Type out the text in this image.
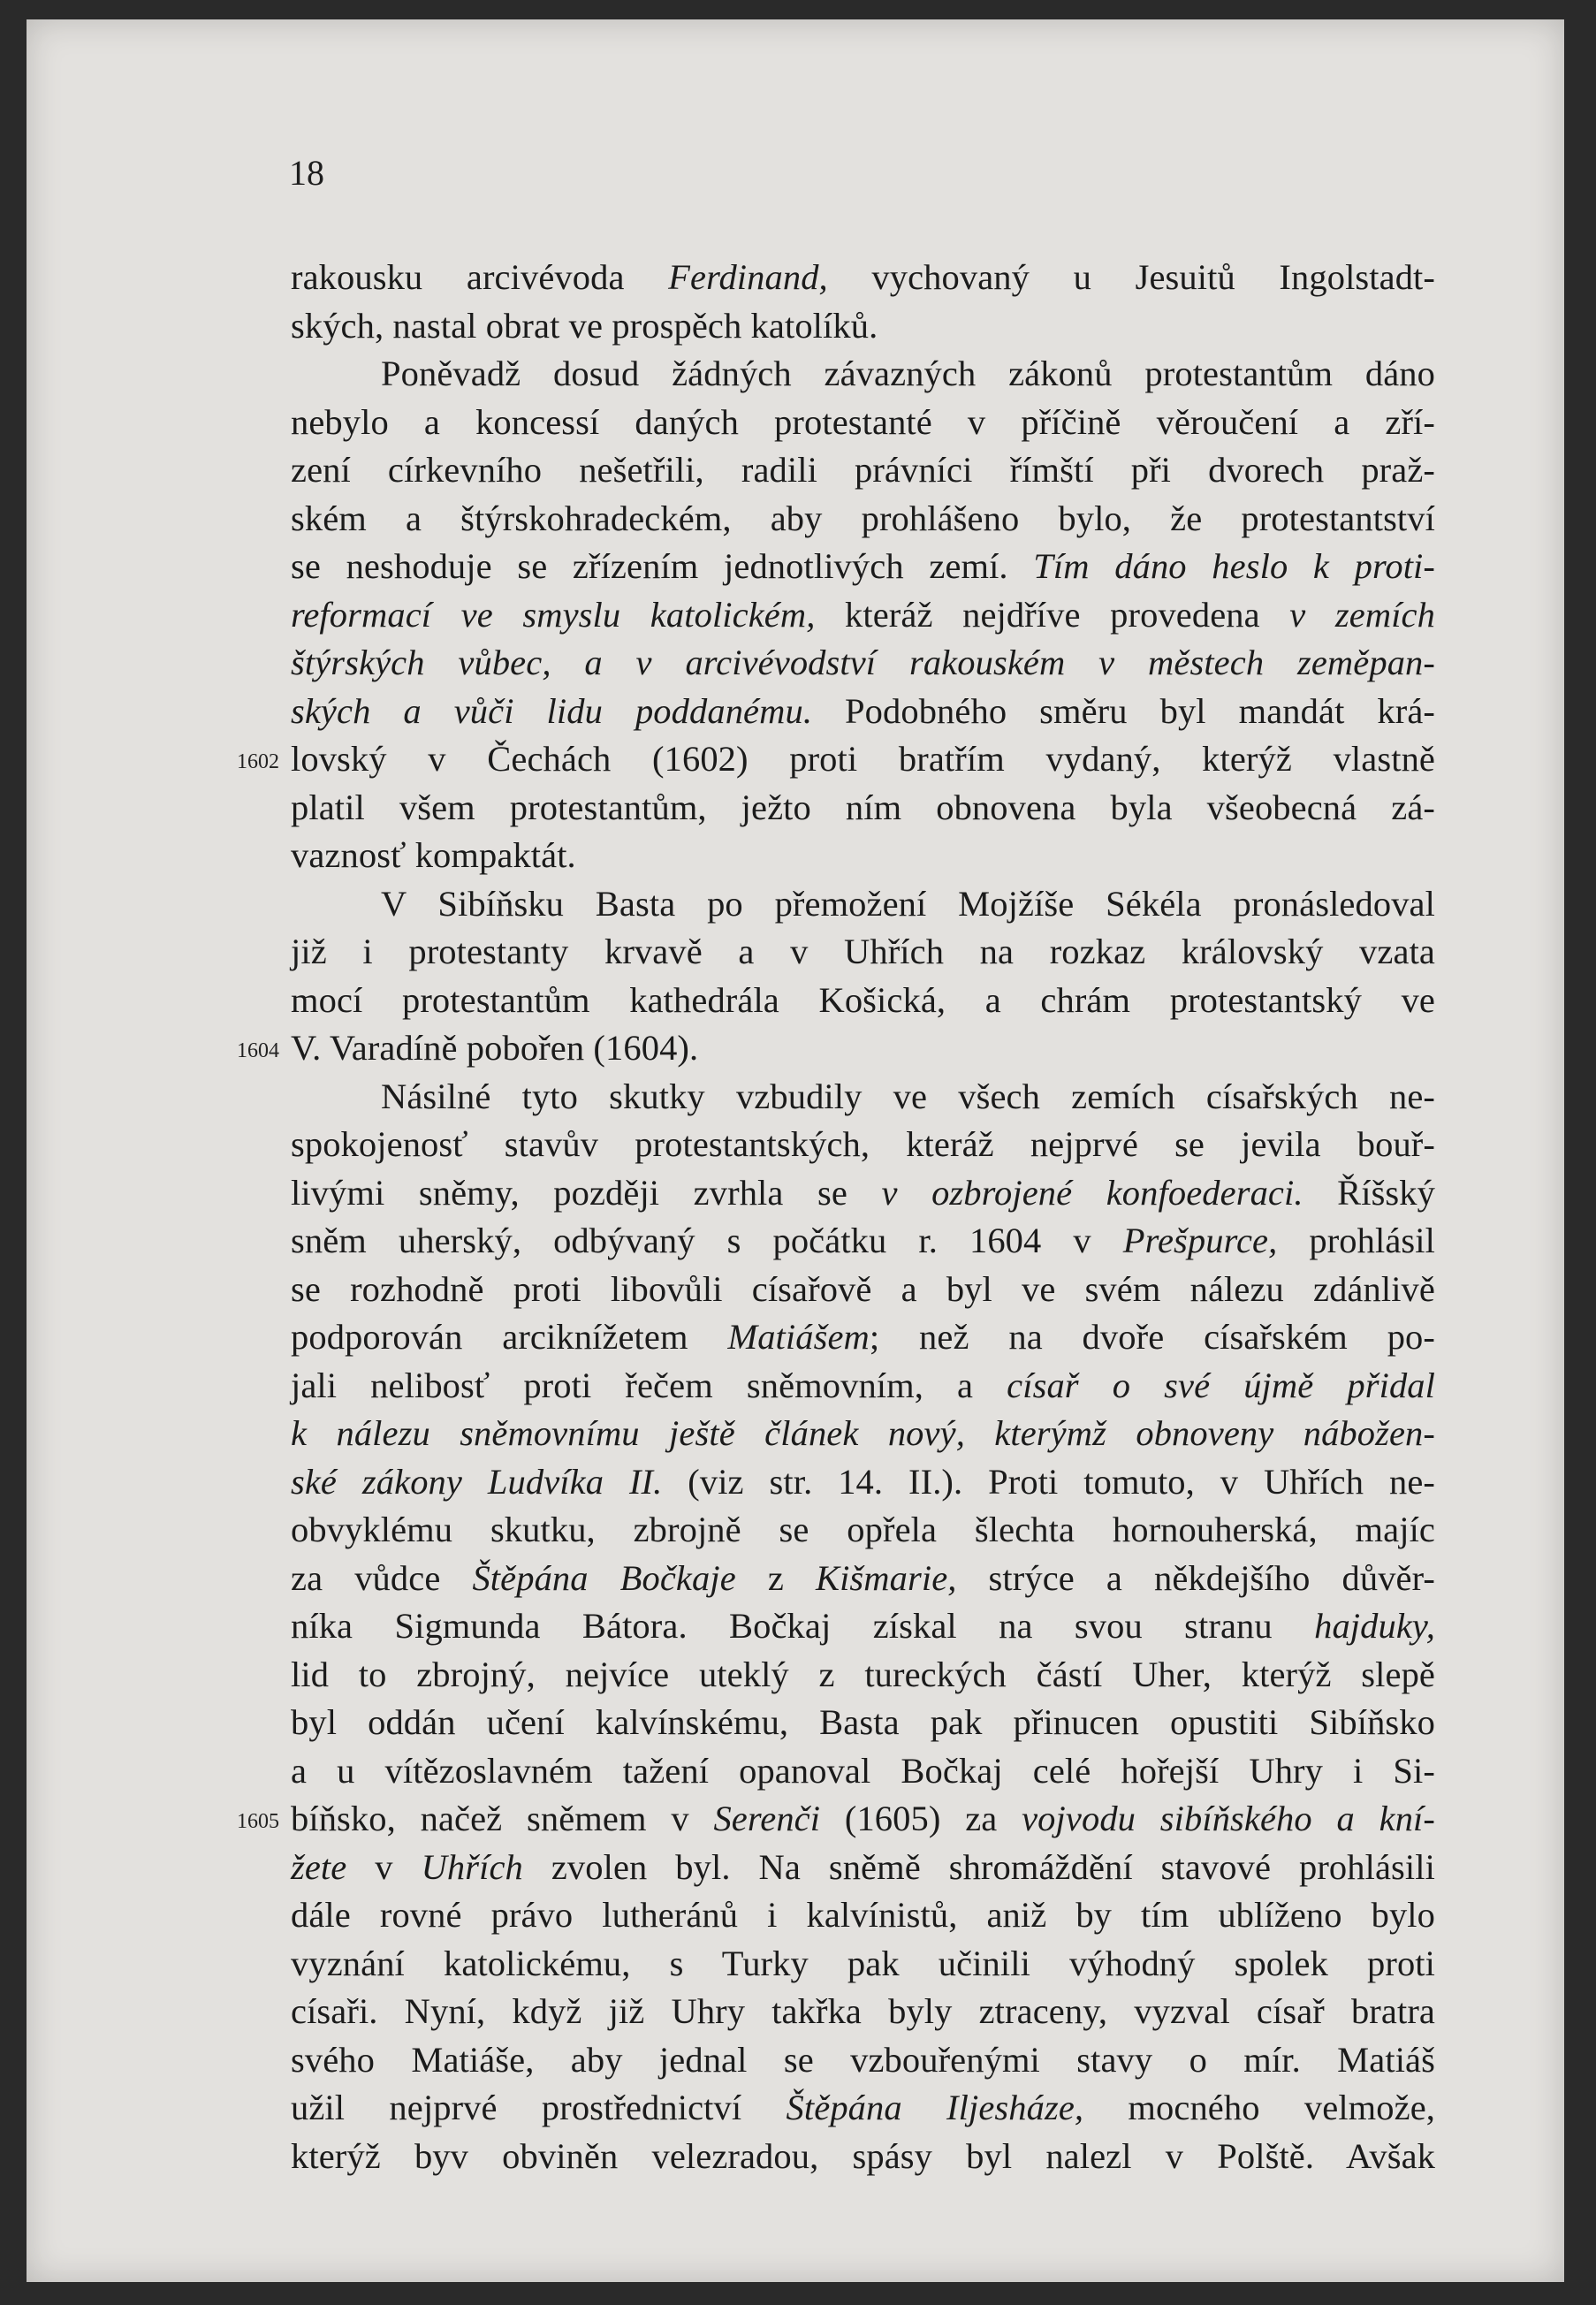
18
rakousku arcivévoda Ferdinand, vychovaný u Jesuitů Ingolstadt-
ských, nastal obrat ve prospěch katolíků.
Poněvadž dosud žádných závazných zákonů protestantům dáno
nebylo a koncessí daných protestanté v příčině věroučení a zří-
zení církevního nešetřili, radili právníci římští při dvorech praž-
ském a štýrskohradeckém, aby prohlášeno bylo, že protestantství
se neshoduje se zřízením jednotlivých zemí. Tím dáno heslo k proti-
reformací ve smyslu katolickém, kteráž nejdříve provedena v zemích
štýrských vůbec, a v arcivévodství rakouském v městech zeměpan-
ských a vůči lidu poddanému. Podobného směru byl mandát krá-
lovský v Čechách (1602) proti bratřím vydaný, kterýž vlastně
platil všem protestantům, ježto ním obnovena byla všeobecná zá-
vaznosť kompaktát.
V Sibíňsku Basta po přemožení Mojžíše Sékéla pronásledoval
již i protestanty krvavě a v Uhřích na rozkaz královský vzata
mocí protestantům kathedrála Košická, a chrám protestantský ve
V. Varadíně pobořen (1604).
Násilné tyto skutky vzbudily ve všech zemích císařských ne-
spokojenosť stavův protestantských, kteráž nejprvé se jevila bouř-
livými sněmy, později zvrhla se v ozbrojené konfoederaci. Říšský
sněm uherský, odbývaný s počátku r. 1604 v Prešpurce, prohlásil
se rozhodně proti libovůli císařově a byl ve svém nálezu zdánlivě
podporován arciknížetem Matiášem; než na dvoře císařském po-
jali nelibosť proti řečem sněmovním, a císař o své újmě přidal
k nálezu sněmovnímu ještě článek nový, kterýmž obnoveny nábožen-
ské zákony Ludvíka II. (viz str. 14. II.). Proti tomuto, v Uhřích ne-
obvyklému skutku, zbrojně se opřela šlechta hornouherská, majíc
za vůdce Štěpána Bočkaje z Kišmarie, strýce a někdejšího důvěr-
níka Sigmunda Bátora. Bočkaj získal na svou stranu hajduky,
lid to zbrojný, nejvíce uteklý z tureckých částí Uher, kterýž slepě
byl oddán učení kalvínskému, Basta pak přinucen opustiti Sibíňsko
a u vítězoslavném tažení opanoval Bočkaj celé hořejší Uhry i Si-
bíňsko, načež sněmem v Serenči (1605) za vojvodu sibíňského a kní-
žete v Uhřích zvolen byl. Na sněmě shromáždění stavové prohlásili
dále rovné právo lutheránů i kalvínistů, aniž by tím ublíženo bylo
vyznání katolickému, s Turky pak učinili výhodný spolek proti
císaři. Nyní, když již Uhry takřka byly ztraceny, vyzval císař bratra
svého Matiáše, aby jednal se vzbouřenými stavy o mír. Matiáš
užil nejprvé prostřednictví Štěpána Iljesháze, mocného velmože,
kterýž byv obviněn velezradou, spásy byl nalezl v Polště. Avšak
1602
1604
1605
